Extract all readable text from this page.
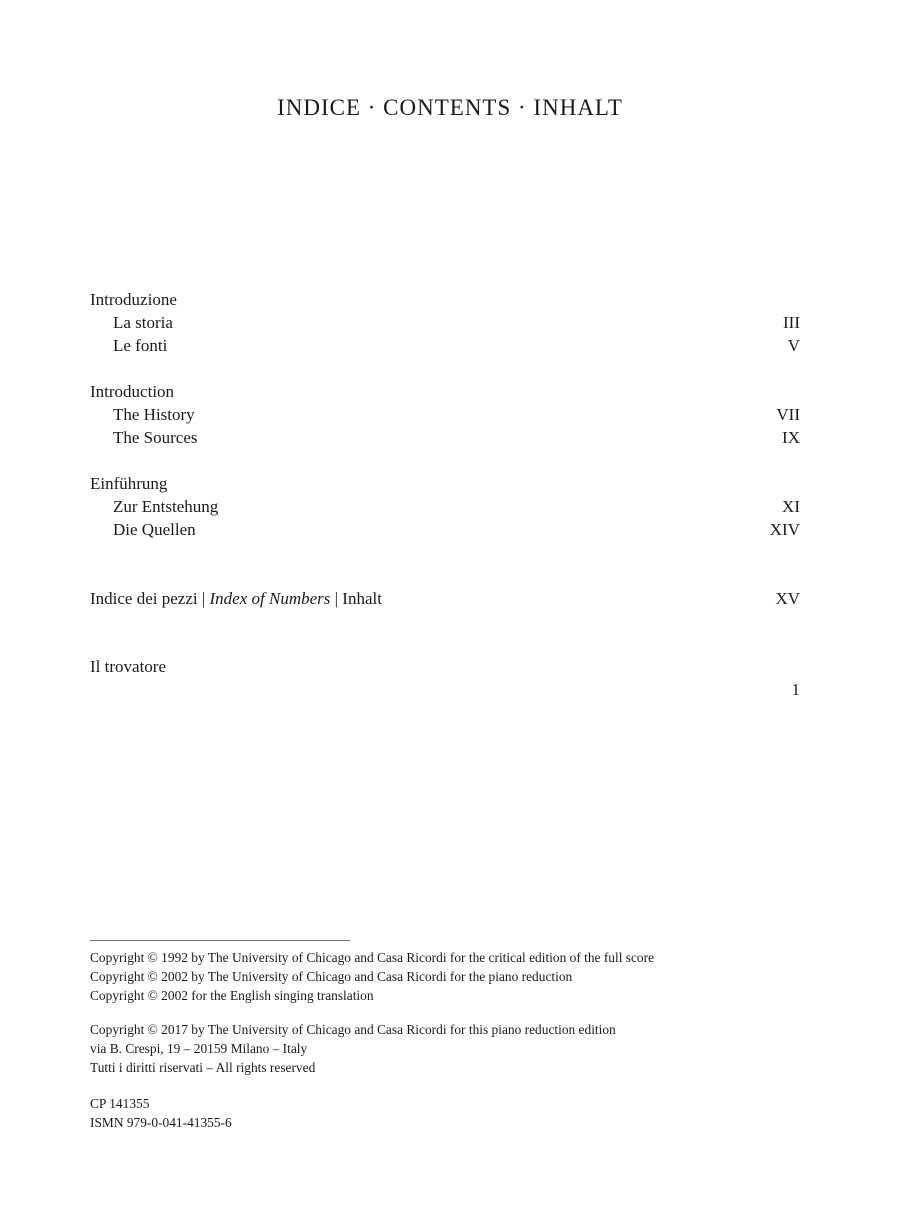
INDICE · CONTENTS · INHALT
Introduzione
La storia	III
Le fonti	V
Introduction
The History	VII
The Sources	IX
Einführung
Zur Entstehung	XI
Die Quellen	XIV
Indice dei pezzi | Index of Numbers | Inhalt	XV
Il trovatore
1
Copyright © 1992 by The University of Chicago and Casa Ricordi for the critical edition of the full score
Copyright © 2002 by The University of Chicago and Casa Ricordi for the piano reduction
Copyright © 2002 for the English singing translation
Copyright © 2017 by The University of Chicago and Casa Ricordi for this piano reduction edition
via B. Crespi, 19 – 20159 Milano – Italy
Tutti i diritti riservati – All rights reserved
CP 141355
ISMN 979-0-041-41355-6
